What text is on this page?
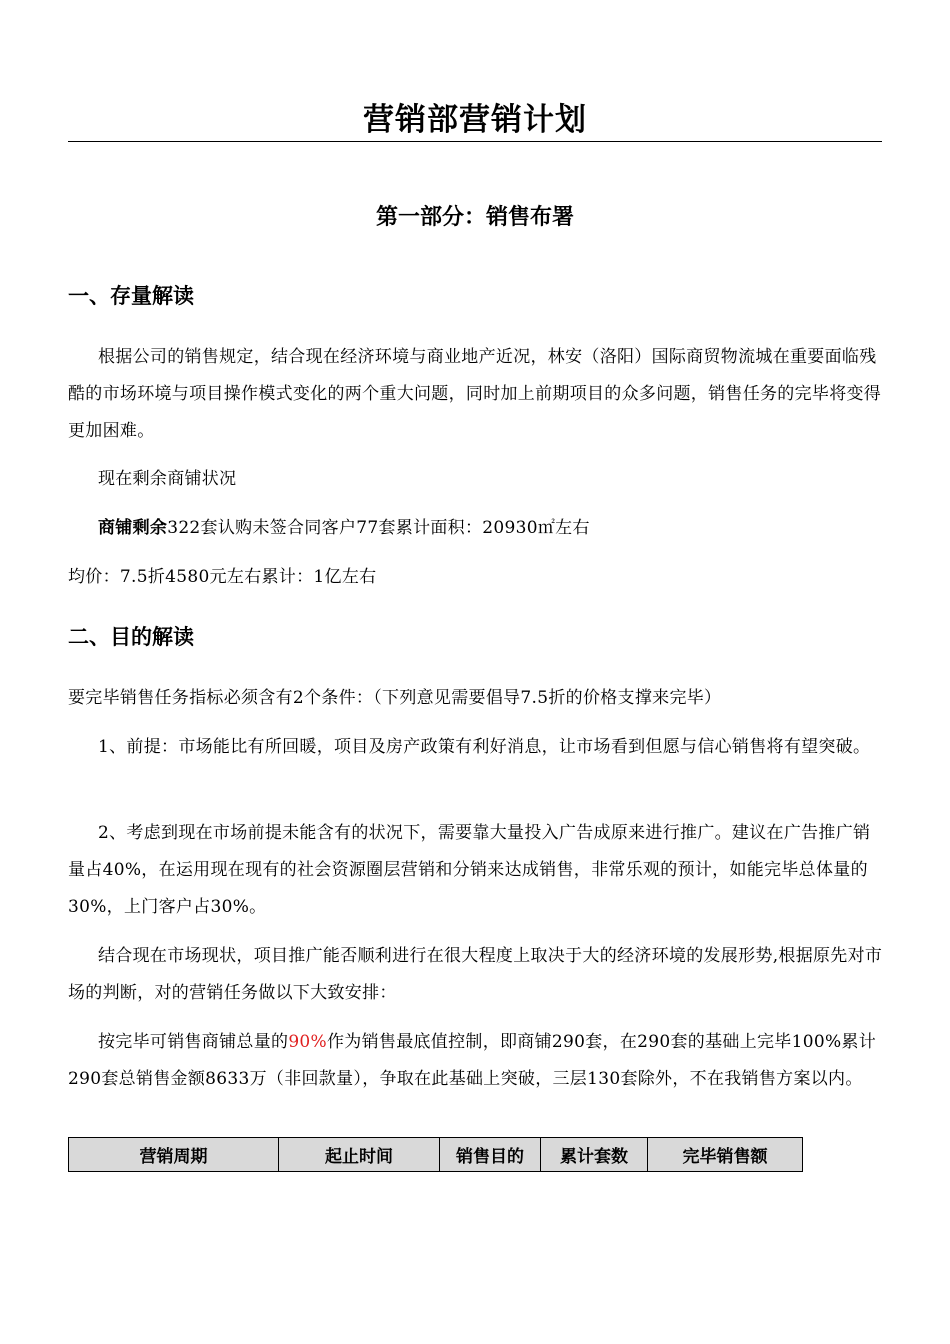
营销部营销计划
第一部分：销售布署
一、存量解读
根据公司的销售规定，结合现在经济环境与商业地产近况，林安（洛阳）国际商贸物流城在重要面临残酷的市场环境与项目操作模式变化的两个重大问题，同时加上前期项目的众多问题，销售任务的完毕将变得更加困难。
现在剩余商铺状况
商铺剩余322套认购未签合同客户77套累计面积：20930㎡左右
均价：7.5折4580元左右累计：1亿左右
二、目的解读
要完毕销售任务指标必须含有2个条件：（下列意见需要倡导7.5折的价格支撑来完毕）
1、前提：市场能比有所回暖，项目及房产政策有利好消息，让市场看到但愿与信心销售将有望突破。
2、考虑到现在市场前提未能含有的状况下，需要靠大量投入广告成原来进行推广。建议在广告推广销量占40%，在运用现在现有的社会资源圈层营销和分销来达成销售，非常乐观的预计，如能完毕总体量的30%，上门客户占30%。
结合现在市场现状，项目推广能否顺利进行在很大程度上取决于大的经济环境的发展形势,根据原先对市场的判断，对的营销任务做以下大致安排：
按完毕可销售商铺总量的90%作为销售最底值控制，即商铺290套，在290套的基础上完毕100%累计290套总销售金额8633万（非回款量），争取在此基础上突破，三层130套除外，不在我销售方案以内。
营销周期	起止时间	销售目的	累计套数	完毕销售额
